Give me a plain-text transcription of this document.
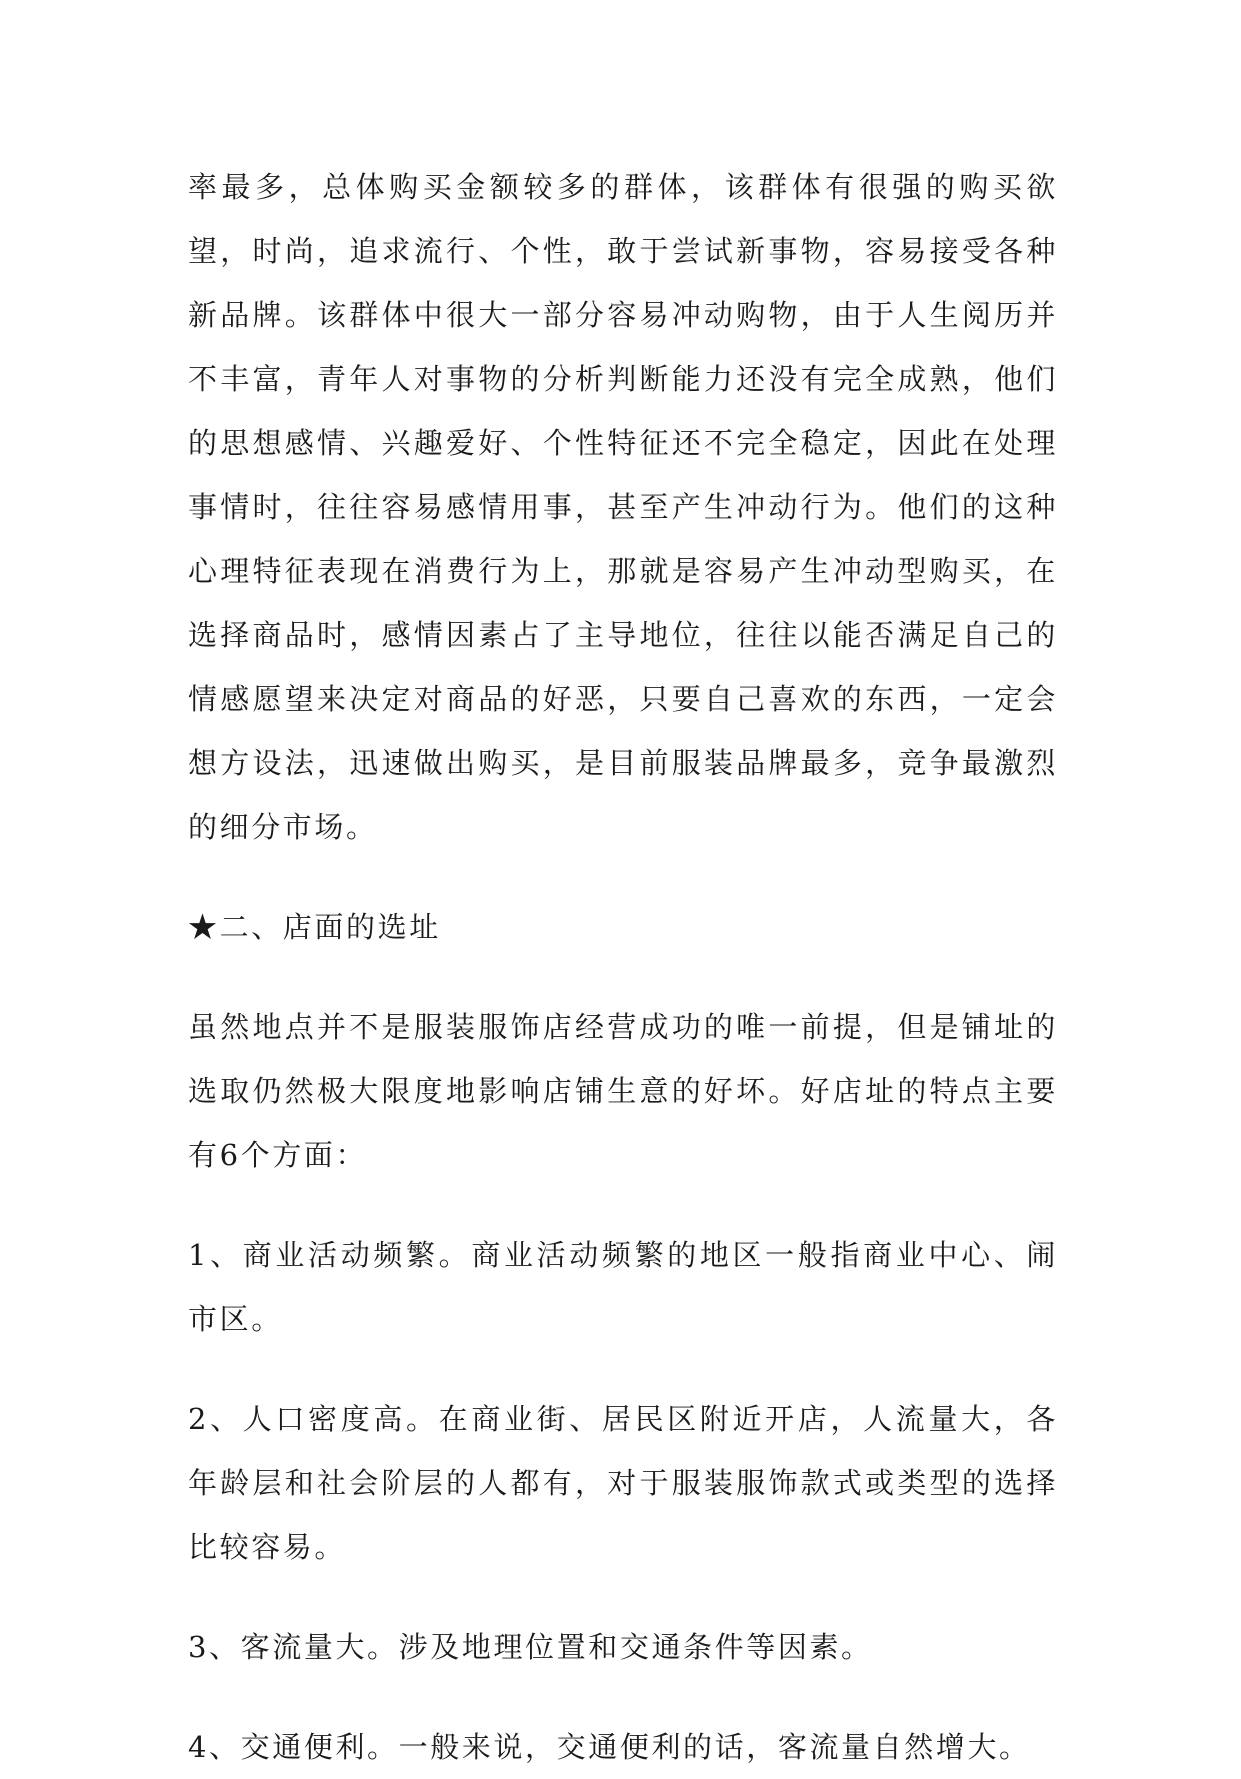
率最多，总体购买金额较多的群体，该群体有很强的购买欲望，时尚，追求流行、个性，敢于尝试新事物，容易接受各种新品牌。该群体中很大一部分容易冲动购物，由于人生阅历并不丰富，青年人对事物的分析判断能力还没有完全成熟，他们的思想感情、兴趣爱好、个性特征还不完全稳定，因此在处理事情时，往往容易感情用事，甚至产生冲动行为。他们的这种心理特征表现在消费行为上，那就是容易产生冲动型购买，在选择商品时，感情因素占了主导地位，往往以能否满足自己的情感愿望来决定对商品的好恶，只要自己喜欢的东西，一定会想方设法，迅速做出购买，是目前服装品牌最多，竞争最激烈的细分市场。

★二、店面的选址

虽然地点并不是服装服饰店经营成功的唯一前提，但是铺址的选取仍然极大限度地影响店铺生意的好坏。好店址的特点主要有6个方面：

1、商业活动频繁。商业活动频繁的地区一般指商业中心、闹市区。

2、人口密度高。在商业街、居民区附近开店，人流量大，各年龄层和社会阶层的人都有，对于服装服饰款式或类型的选择比较容易。

3、客流量大。涉及地理位置和交通条件等因素。

4、交通便利。一般来说，交通便利的话，客流量自然增大。
